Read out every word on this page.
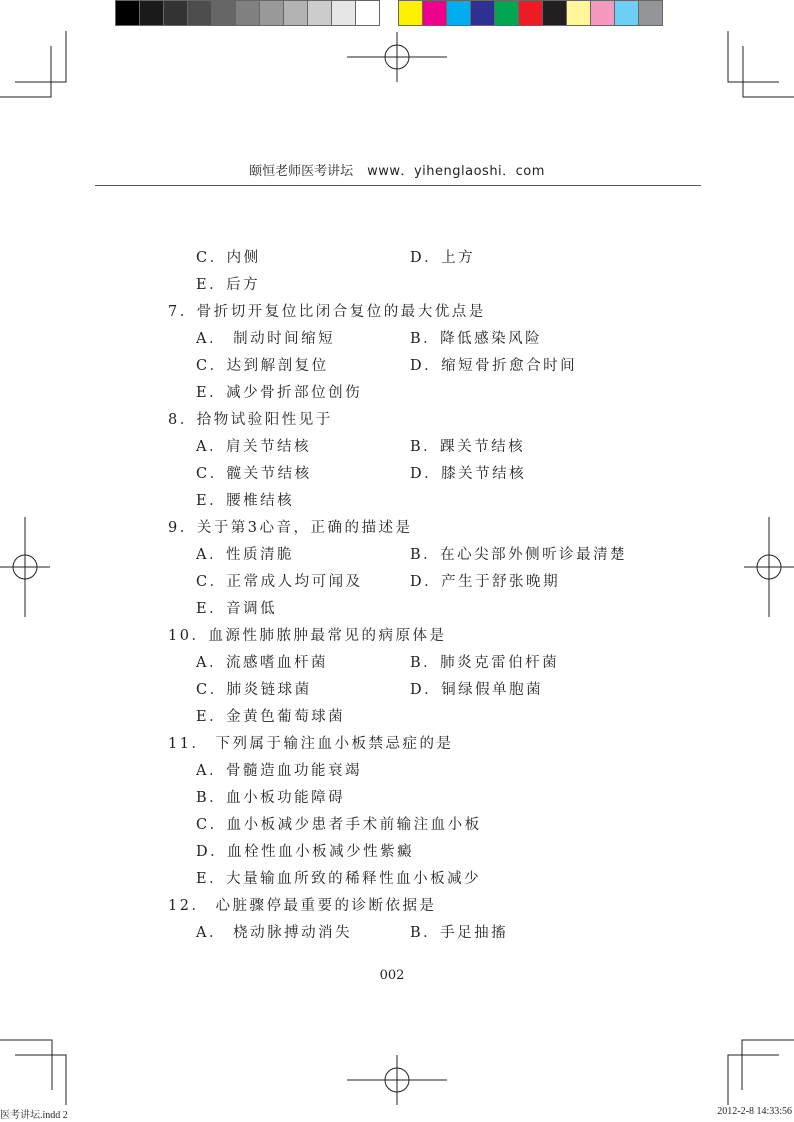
颐恒老师医考讲坛 www．yihenglaoshi．com
C．内侧	D．上方
E．后方
7．骨折切开复位比闭合复位的最大优点是
A． 制动时间缩短	B．降低感染风险
C．达到解剖复位	D．缩短骨折愈合时间
E．减少骨折部位创伤
8．拾物试验阳性见于
A．肩关节结核	B．踝关节结核
C．髋关节结核	D．膝关节结核
E．腰椎结核
9．关于第3心音，正确的描述是
A．性质清脆	B．在心尖部外侧听诊最清楚
C．正常成人均可闻及	D．产生于舒张晚期
E．音调低
10．血源性肺脓肿最常见的病原体是
A．流感嗜血杆菌	B．肺炎克雷伯杆菌
C．肺炎链球菌	D．铜绿假单胞菌
E．金黄色葡萄球菌
11． 下列属于输注血小板禁忌症的是
A．骨髓造血功能衰竭
B．血小板功能障碍
C．血小板减少患者手术前输注血小板
D．血栓性血小板减少性紫癜
E．大量输血所致的稀释性血小板减少
12． 心脏骤停最重要的诊断依据是
A． 桡动脉搏动消失	B．手足抽搐
002
医考讲坛.indd 2	2012-2-8 14:33:56
